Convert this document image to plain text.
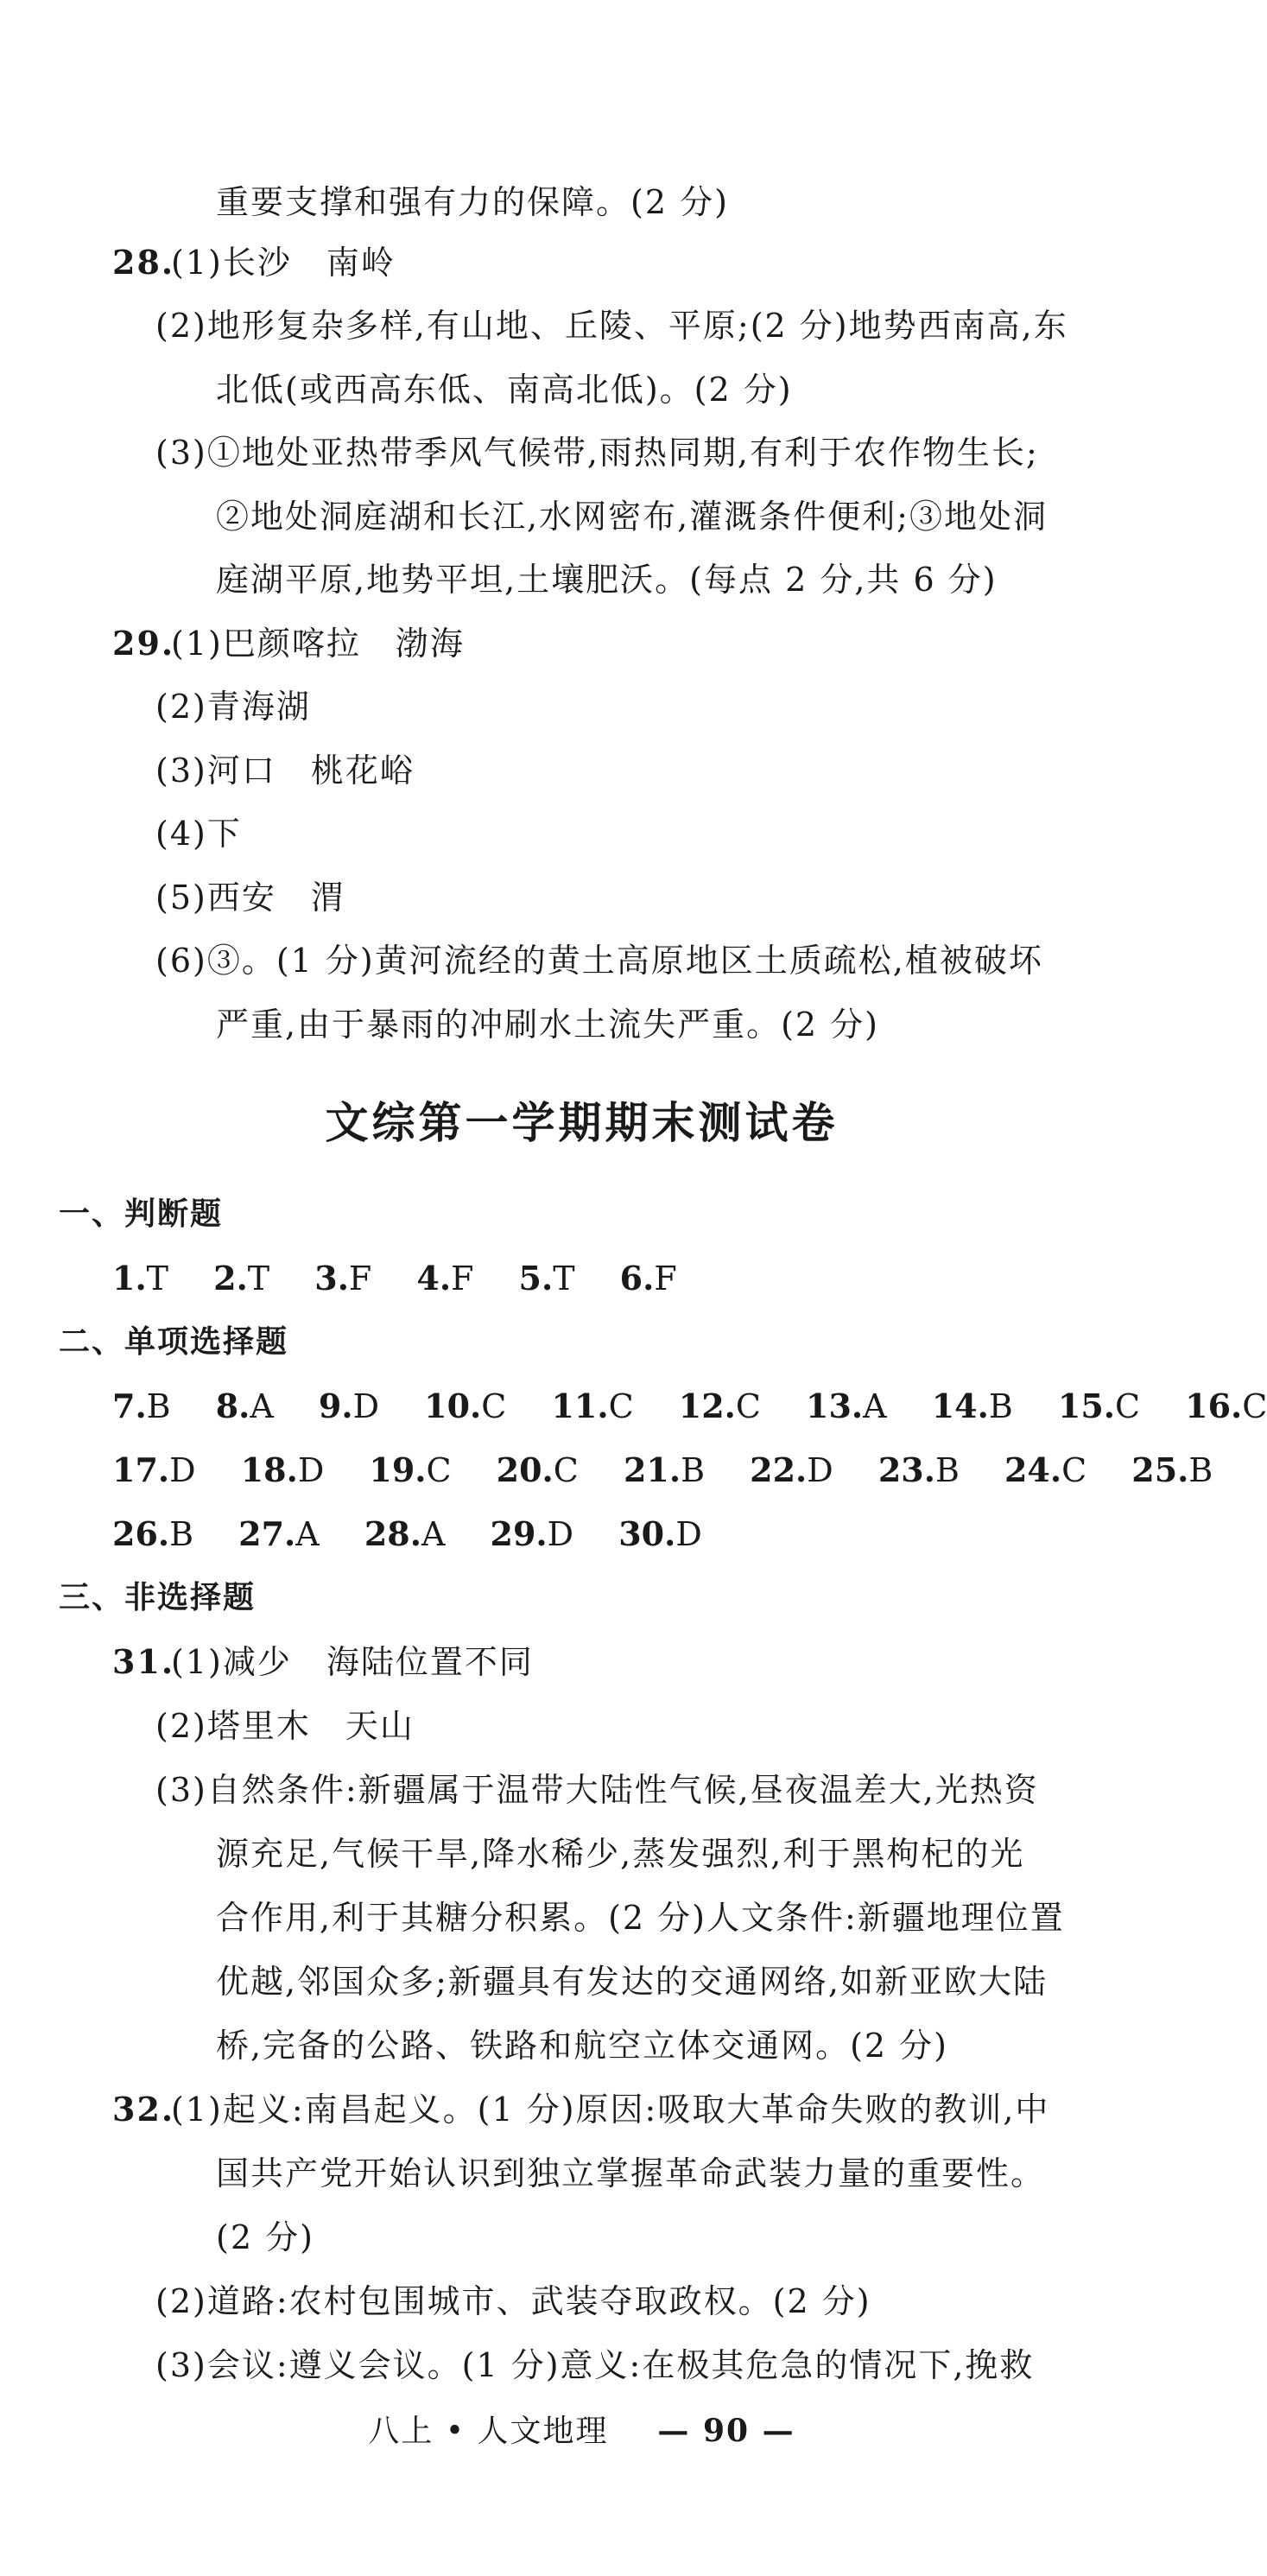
重要支撑和强有力的保障。(2 分)
28.
(1)长沙　南岭
(2)地形复杂多样,有山地、丘陵、平原;(2 分)地势西南高,东
北低(或西高东低、南高北低)。(2 分)
(3)①地处亚热带季风气候带,雨热同期,有利于农作物生长;
②地处洞庭湖和长江,水网密布,灌溉条件便利;③地处洞
庭湖平原,地势平坦,土壤肥沃。(每点 2 分,共 6 分)
29.
(1)巴颜喀拉　渤海
(2)青海湖
(3)河口　桃花峪
(4)下
(5)西安　渭
(6)③。(1 分)黄河流经的黄土高原地区土质疏松,植被破坏
严重,由于暴雨的冲刷水土流失严重。(2 分)
文综第一学期期末测试卷
一、判断题
1.T 2.T 3.F 4.F 5.T 6.F
二、单项选择题
7.B 8.A 9.D 10.C 11.C 12.C 13.A 14.B 15.C 16.C
17.D 18.D 19.C 20.C 21.B 22.D 23.B 24.C 25.B
26.B 27.A 28.A 29.D 30.D
三、非选择题
31.
(1)减少　海陆位置不同
(2)塔里木　天山
(3)自然条件:新疆属于温带大陆性气候,昼夜温差大,光热资
源充足,气候干旱,降水稀少,蒸发强烈,利于黑枸杞的光
合作用,利于其糖分积累。(2 分)人文条件:新疆地理位置
优越,邻国众多;新疆具有发达的交通网络,如新亚欧大陆
桥,完备的公路、铁路和航空立体交通网。(2 分)
32.
(1)起义:南昌起义。(1 分)原因:吸取大革命失败的教训,中
国共产党开始认识到独立掌握革命武装力量的重要性。
(2 分)
(2)道路:农村包围城市、武装夺取政权。(2 分)
(3)会议:遵义会议。(1 分)意义:在极其危急的情况下,挽救
八上 • 人文地理 — 90 —
